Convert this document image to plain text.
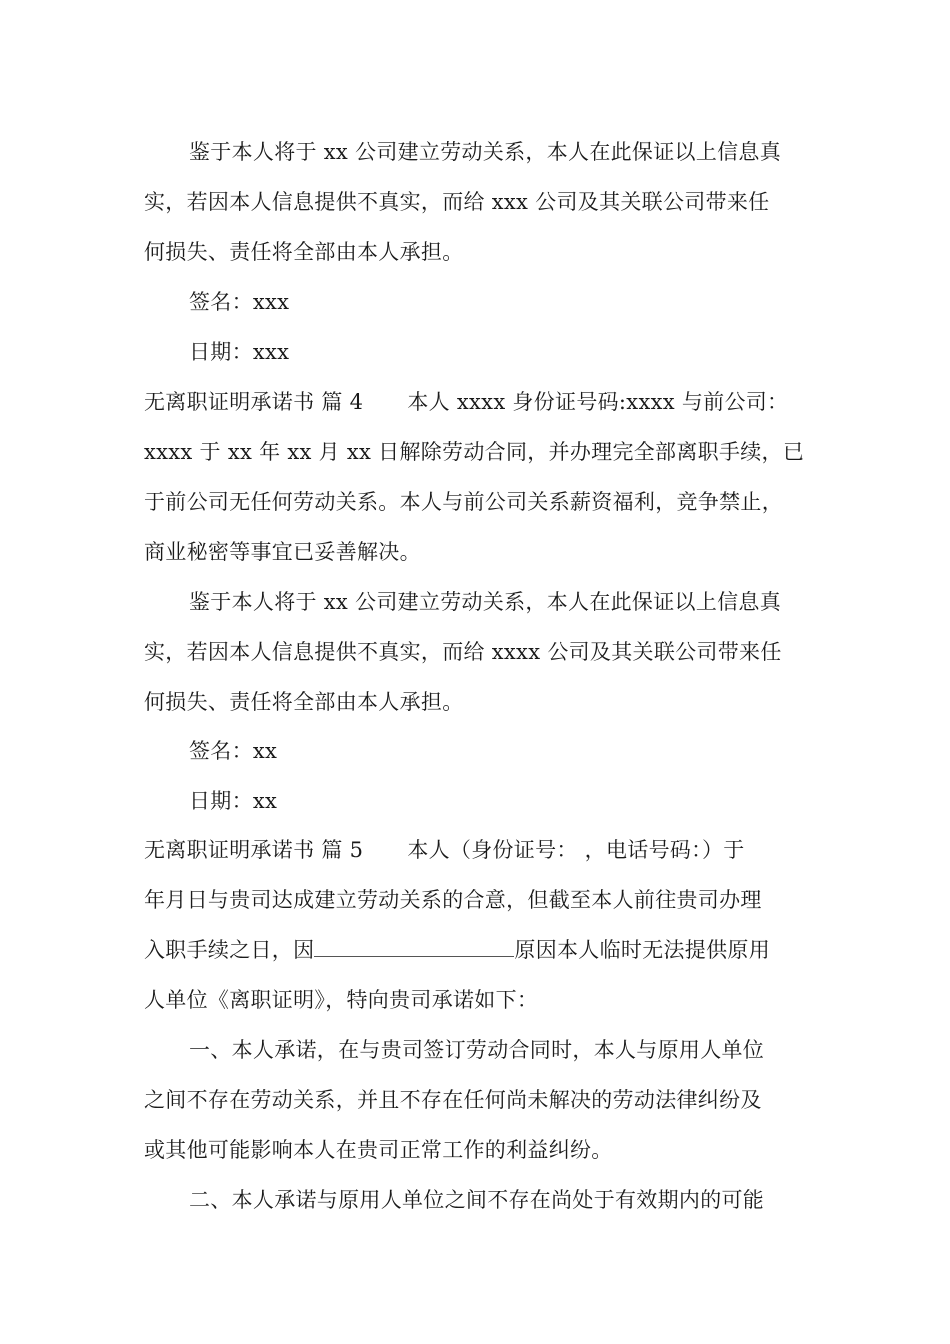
鉴于本人将于 xx 公司建立劳动关系，本人在此保证以上信息真
实，若因本人信息提供不真实，而给 xxx 公司及其关联公司带来任
何损失、责任将全部由本人承担。
签名：xxx
日期：xxx
无离职证明承诺书 篇 4 本人 xxxx 身份证号码:xxxx 与前公司：
xxxx 于 xx 年 xx 月 xx 日解除劳动合同，并办理完全部离职手续，已
于前公司无任何劳动关系。本人与前公司关系薪资福利，竞争禁止，
商业秘密等事宜已妥善解决。
鉴于本人将于 xx 公司建立劳动关系，本人在此保证以上信息真
实，若因本人信息提供不真实，而给 xxxx 公司及其关联公司带来任
何损失、责任将全部由本人承担。
签名：xx
日期：xx
无离职证明承诺书 篇 5 本人（身份证号： ，电话号码：）于
年月日与贵司达成建立劳动关系的合意，但截至本人前往贵司办理
入职手续之日，因	原因本人临时无法提供原用
人单位《离职证明》，特向贵司承诺如下：
一、本人承诺，在与贵司签订劳动合同时，本人与原用人单位
之间不存在劳动关系，并且不存在任何尚未解决的劳动法律纠纷及
或其他可能影响本人在贵司正常工作的利益纠纷。
二、本人承诺与原用人单位之间不存在尚处于有效期内的可能
